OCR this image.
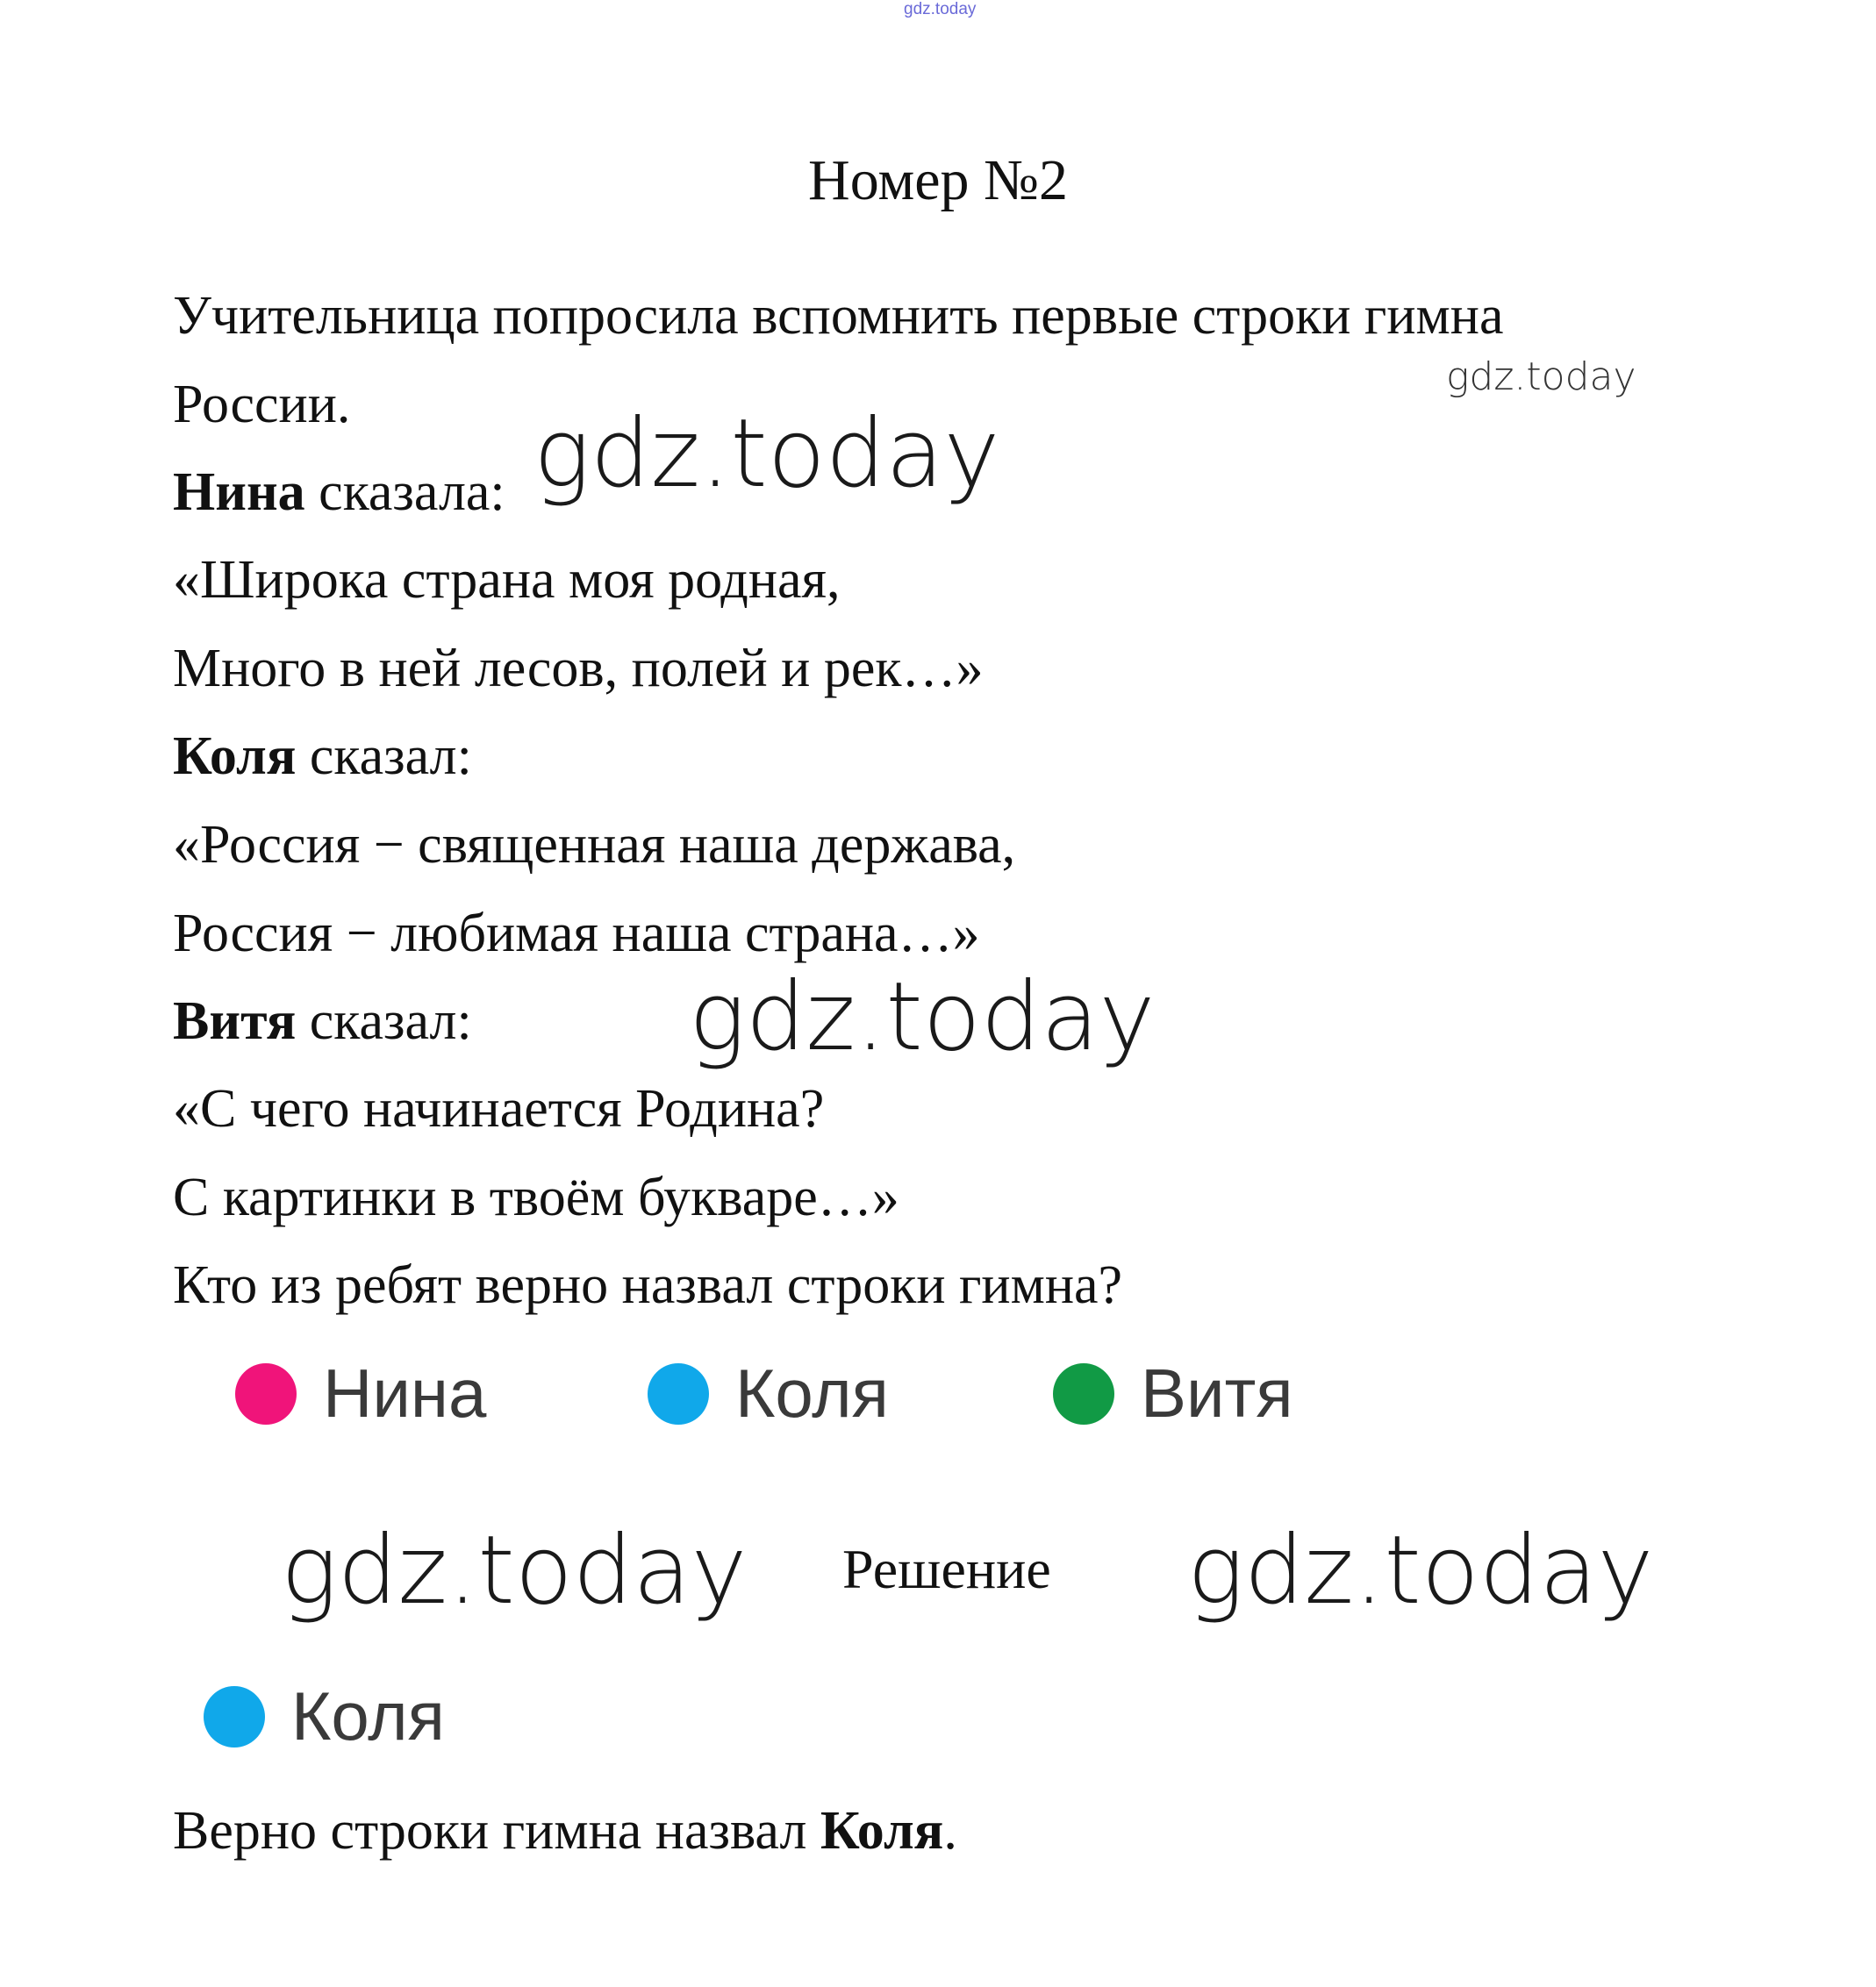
gdz.today
Номер №2
Учительница попросила вспомнить первые строки гимна
России.
Нина сказала:
«Широка страна моя родная,
Много в ней лесов, полей и рек…»
Коля сказал:
«Россия − священная наша держава,
Россия − любимая наша страна…»
Витя сказал:
«С чего начинается Родина?
С картинки в твоём букваре…»
Кто из ребят верно назвал строки гимна?
Нина	Коля	Витя
Решение
Коля
Верно строки гимна назвал Коля.
gdz.today
gdz.today
gdz.today
gdz.today	gdz.today
